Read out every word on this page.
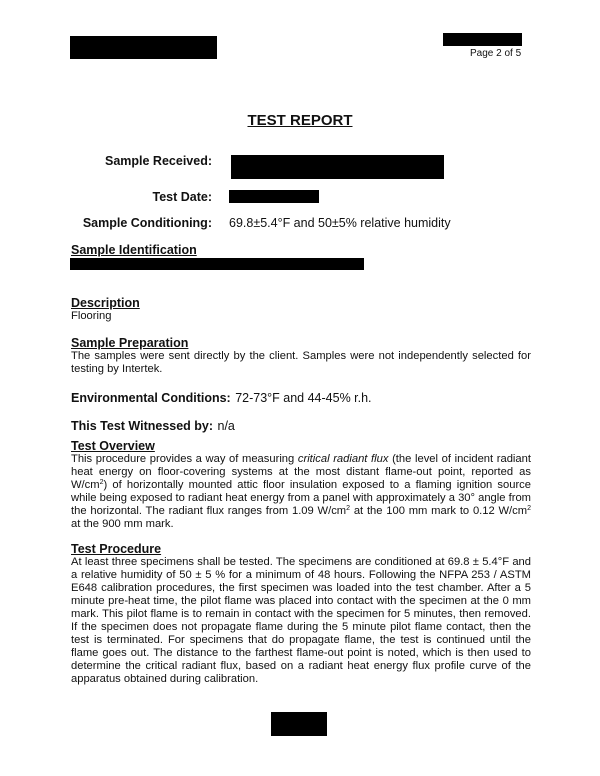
Page 2 of 5
TEST REPORT
Sample Received:
Test Date:
Sample Conditioning: 69.8±5.4°F and 50±5% relative humidity
Sample Identification
Description
Flooring
Sample Preparation
The samples were sent directly by the client. Samples were not independently selected for testing by Intertek.
Environmental Conditions: 72-73°F and 44-45% r.h.
This Test Witnessed by: n/a
Test Overview
This procedure provides a way of measuring critical radiant flux (the level of incident radiant heat energy on floor-covering systems at the most distant flame-out point, reported as $W/cm^2$) of horizontally mounted attic floor insulation exposed to a flaming ignition source while being exposed to radiant heat energy from a panel with approximately a 30° angle from the horizontal. The radiant flux ranges from 1.09 $W/cm^2$ at the 100 mm mark to 0.12 $W/cm^2$ at the 900 mm mark.
Test Procedure
At least three specimens shall be tested. The specimens are conditioned at 69.8 ± 5.4°F and a relative humidity of 50 ± 5 % for a minimum of 48 hours. Following the NFPA 253 / ASTM E648 calibration procedures, the first specimen was loaded into the test chamber. After a 5 minute pre-heat time, the pilot flame was placed into contact with the specimen at the 0 mm mark. This pilot flame is to remain in contact with the specimen for 5 minutes, then removed. If the specimen does not propagate flame during the 5 minute pilot flame contact, then the test is terminated. For specimens that do propagate flame, the test is continued until the flame goes out. The distance to the farthest flame-out point is noted, which is then used to determine the critical radiant flux, based on a radiant heat energy flux profile curve of the apparatus obtained during calibration.
